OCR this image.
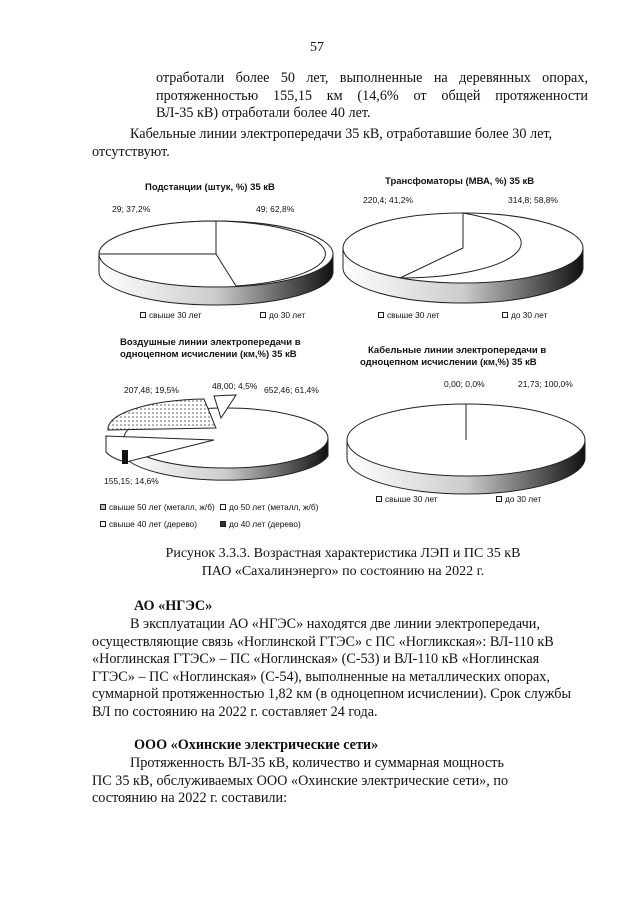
57
отработали более 50 лет, выполненные на деревянных опорах,
протяженностью 155,15 км (14,6% от общей протяженности
ВЛ-35 кВ) отработали более 40 лет.
Кабельные линии электропередачи 35 кВ, отработавшие более 30 лет,
отсутствуют.
Подстанции (штук, %) 35 кВ
29; 37,2%	49; 62,8%
свыше 30 лет	до 30 лет
Трансфоматоры (МВА, %) 35 кВ
220,4; 41,2%	314,8; 58,8%
свыше 30 лет	до 30 лет
Воздушные линии электропередачи в
одноцепном исчислении (км,%) 35 кВ
207,48; 19,5%	48,00; 4,5% 652,46; 61,4%
155,15; 14,6%
свыше 50 лет (металл, ж/б) до 50 лет (металл, ж/б)
свыше 40 лет (дерево)	до 40 лет (дерево)
Кабельные линии электропередачи в
одноцепном исчислении (км,%) 35 кВ
0,00; 0,0%	21,73; 100,0%
свыше 30 лет	до 30 лет
Рисунок 3.3.3. Возрастная характеристика ЛЭП и ПС 35 кВ
ПАО «Сахалинэнерго» по состоянию на 2022 г.
АО «НГЭС»
В эксплуатации АО «НГЭС» находятся две линии электропередачи,
осуществляющие связь «Ноглинской ГТЭС» с ПС «Ногликская»: ВЛ-110 кВ
«Ноглинская ГТЭС» – ПС «Ноглинская» (С-53) и ВЛ-110 кВ «Ноглинская
ГТЭС» – ПС «Ноглинская» (С-54), выполненные на металлических опорах,
суммарной протяженностью 1,82 км (в одноцепном исчислении). Срок службы
ВЛ по состоянию на 2022 г. составляет 24 года.
ООО «Охинские электрические сети»
Протяженность ВЛ-35 кВ, количество и суммарная мощность
ПС 35 кВ, обслуживаемых ООО «Охинские электрические сети», по
состоянию на 2022 г. составили:
